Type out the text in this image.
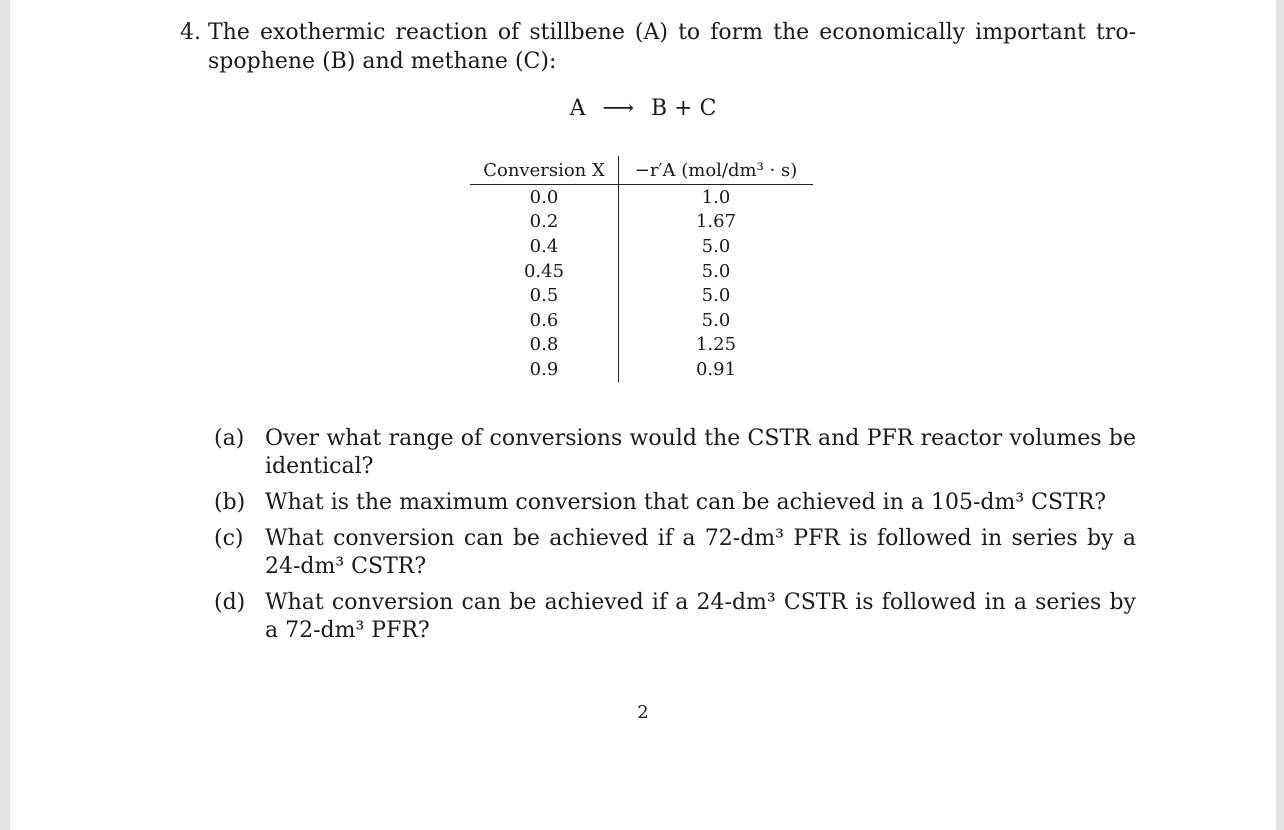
4. The exothermic reaction of stillbene (A) to form the economically important tro-spophene (B) and methane (C):
A ⟶ B + C
Conversion X	−r′A (mol/dm³ · s)
0.0	1.0
0.2	1.67
0.4	5.0
0.45	5.0
0.5	5.0
0.6	5.0
0.8	1.25
0.9	0.91
(a) Over what range of conversions would the CSTR and PFR reactor volumes be identical?
(b) What is the maximum conversion that can be achieved in a 105-dm³ CSTR?
(c) What conversion can be achieved if a 72-dm³ PFR is followed in series by a 24-dm³ CSTR?
(d) What conversion can be achieved if a 24-dm³ CSTR is followed in a series by a 72-dm³ PFR?
2
